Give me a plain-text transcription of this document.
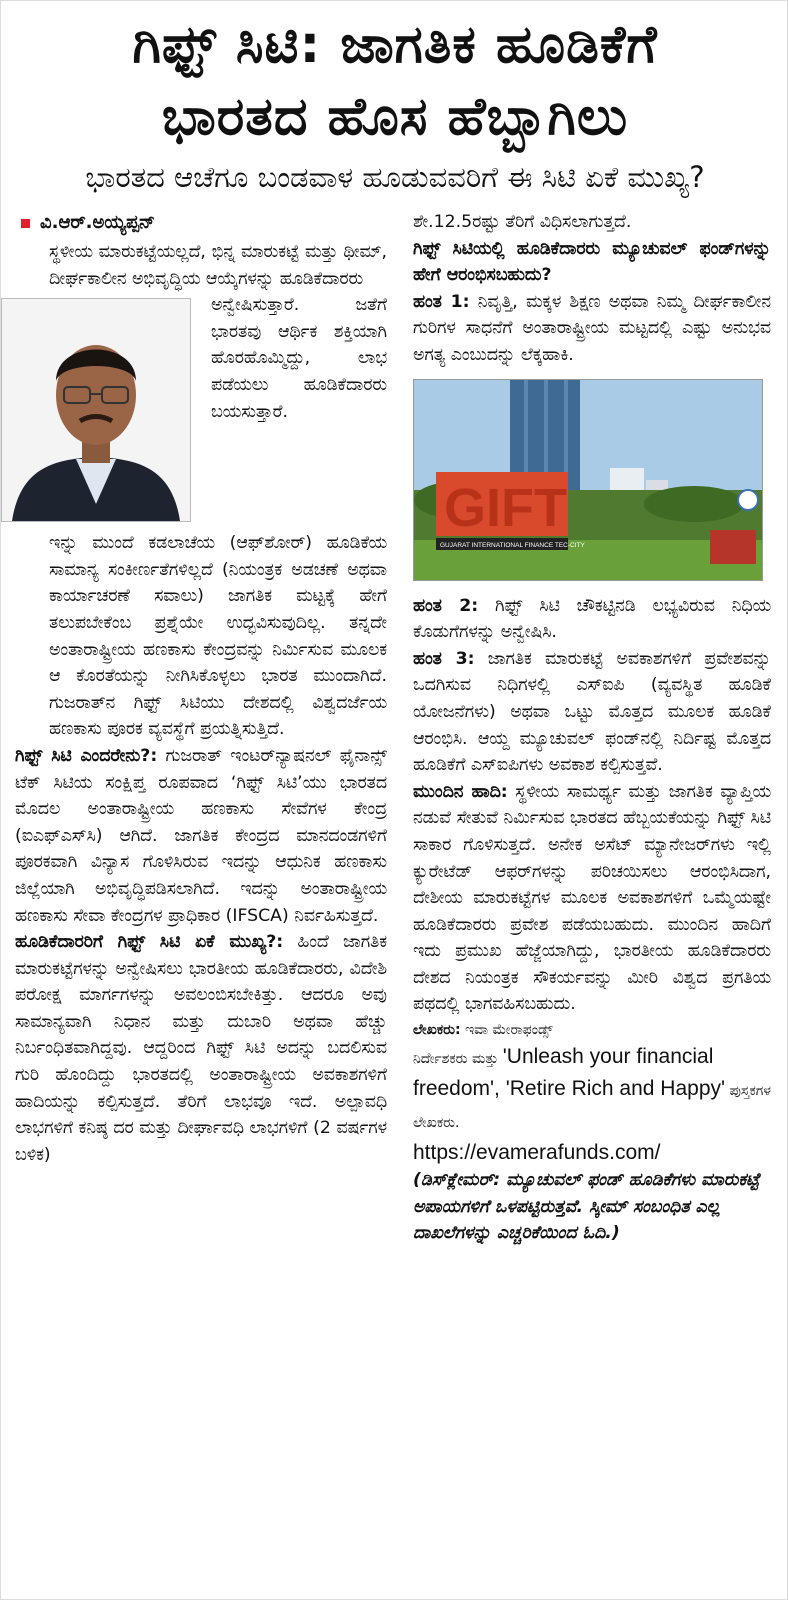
ಗಿಫ್ಟ್ ಸಿಟಿ: ಜಾಗತಿಕ ಹೂಡಿಕೆಗೆ
ಭಾರತದ ಹೊಸ ಹೆಬ್ಬಾಗಿಲು
ಭಾರತದ ಆಚೆಗೂ ಬಂಡವಾಳ ಹೂಡುವವರಿಗೆ ಈ ಸಿಟಿ ಏಕೆ ಮುಖ್ಯ?
ವಿ.ಆರ್.ಅಯ್ಯಪ್ಪನ್

ಸ್ಥಳೀಯ ಮಾರುಕಟ್ಟೆಯಲ್ಲದೆ, ಭಿನ್ನ ಮಾರುಕಟ್ಟೆ ಮತ್ತು ಥೀಮ್, ದೀರ್ಘಕಾಲೀನ ಅಭಿವೃದ್ಧಿಯ ಆಯ್ಕೆಗಳನ್ನು ಹೂಡಿಕೆದಾರರು

ಅನ್ವೇಷಿಸುತ್ತಾರೆ. ಜತೆಗೆ ಭಾರತವು ಆರ್ಥಿಕ ಶಕ್ತಿಯಾಗಿ ಹೊರಹೊಮ್ಮಿದ್ದು, ಲಾಭ ಪಡೆಯಲು ಹೂಡಿಕೆದಾರರು ಬಯಸುತ್ತಾರೆ.

ಇನ್ನು ಮುಂದೆ ಕಡಲಾಚೆಯ (ಆಫ್‌ಶೋರ್) ಹೂಡಿಕೆಯ ಸಾಮಾನ್ಯ ಸಂಕೀರ್ಣತೆಗಳಿಲ್ಲದೆ (ನಿಯಂತ್ರಕ ಅಡಚಣೆ ಅಥವಾ ಕಾರ್ಯಾಚರಣೆ ಸವಾಲು) ಜಾಗತಿಕ ಮಟ್ಟಕ್ಕೆ ಹೇಗೆ ತಲುಪಬೇಕೆಂಬ ಪ್ರಶ್ನೆಯೇ ಉದ್ಭವಿಸುವುದಿಲ್ಲ. ತನ್ನದೇ ಅಂತಾರಾಷ್ಟ್ರೀಯ ಹಣಕಾಸು ಕೇಂದ್ರವನ್ನು ನಿರ್ಮಿಸುವ ಮೂಲಕ ಆ ಕೊರತೆಯನ್ನು ನೀಗಿಸಿಕೊಳ್ಳಲು ಭಾರತ ಮುಂದಾಗಿದೆ. ಗುಜರಾತ್‌ನ ಗಿಫ್ಟ್ ಸಿಟಿಯು ದೇಶದಲ್ಲಿ ವಿಶ್ವದರ್ಜೆಯ ಹಣಕಾಸು ಪೂರಕ ವ್ಯವಸ್ಥೆಗೆ ಪ್ರಯತ್ನಿಸುತ್ತಿದೆ.

ಗಿಫ್ಟ್ ಸಿಟಿ ಎಂದರೇನು?: ಗುಜರಾತ್ ಇಂಟರ್‌ನ್ಯಾಷನಲ್ ಫೈನಾನ್ಸ್ ಟೆಕ್ ಸಿಟಿಯ ಸಂಕ್ಷಿಪ್ತ ರೂಪವಾದ ‘ಗಿಫ್ಟ್ ಸಿಟಿ’ಯು ಭಾರತದ ಮೊದಲ ಅಂತಾರಾಷ್ಟ್ರೀಯ ಹಣಕಾಸು ಸೇವೆಗಳ ಕೇಂದ್ರ (ಐಎಫ್‌ಎಸ್‌ಸಿ) ಆಗಿದೆ. ಜಾಗತಿಕ ಕೇಂದ್ರದ ಮಾನದಂಡಗಳಿಗೆ ಪೂರಕವಾಗಿ ವಿನ್ಯಾಸ ಗೊಳಿಸಿರುವ ಇದನ್ನು ಆಧುನಿಕ ಹಣಕಾಸು ಜಿಲ್ಲೆಯಾಗಿ ಅಭಿವೃದ್ಧಿಪಡಿಸಲಾಗಿದೆ. ಇದನ್ನು ಅಂತಾರಾಷ್ಟ್ರೀಯ ಹಣಕಾಸು ಸೇವಾ ಕೇಂದ್ರಗಳ ಪ್ರಾಧಿಕಾರ (IFSCA) ನಿರ್ವಹಿಸುತ್ತದೆ.

ಹೂಡಿಕೆದಾರರಿಗೆ ಗಿಫ್ಟ್ ಸಿಟಿ ಏಕೆ ಮುಖ್ಯ?: ಹಿಂದೆ ಜಾಗತಿಕ ಮಾರುಕಟ್ಟೆಗಳನ್ನು ಅನ್ವೇಷಿಸಲು ಭಾರತೀಯ ಹೂಡಿಕೆದಾರರು, ವಿದೇಶಿ ಪರೋಕ್ಷ ಮಾರ್ಗಗಳನ್ನು ಅವಲಂಬಿಸಬೇಕಿತ್ತು. ಆದರೂ ಅವು ಸಾಮಾನ್ಯವಾಗಿ ನಿಧಾನ ಮತ್ತು ದುಬಾರಿ ಅಥವಾ ಹೆಚ್ಚು ನಿರ್ಬಂಧಿತವಾಗಿದ್ದವು. ಆದ್ದರಿಂದ ಗಿಫ್ಟ್ ಸಿಟಿ ಅದನ್ನು ಬದಲಿಸುವ ಗುರಿ ಹೊಂದಿದ್ದು ಭಾರತದಲ್ಲಿ ಅಂತಾರಾಷ್ಟ್ರೀಯ ಅವಕಾಶಗಳಿಗೆ ಹಾದಿಯನ್ನು ಕಲ್ಪಿಸುತ್ತದೆ. ತೆರಿಗೆ ಲಾಭವೂ ಇದೆ. ಅಲ್ಪಾವಧಿ ಲಾಭಗಳಿಗೆ ಕನಿಷ್ಠ ದರ ಮತ್ತು ದೀರ್ಘಾವಧಿ ಲಾಭಗಳಿಗೆ (2 ವರ್ಷಗಳ ಬಳಿಕ)

ಶೇ.12.5ರಷ್ಟು ತೆರಿಗೆ ವಿಧಿಸಲಾಗುತ್ತದೆ.

ಗಿಫ್ಟ್ ಸಿಟಿಯಲ್ಲಿ ಹೂಡಿಕೆದಾರರು ಮ್ಯೂಚುವಲ್ ಫಂಡ್‌ಗಳನ್ನು ಹೇಗೆ ಆರಂಭಿಸಬಹುದು?

ಹಂತ 1: ನಿವೃತ್ತಿ, ಮಕ್ಕಳ ಶಿಕ್ಷಣ ಅಥವಾ ನಿಮ್ಮ ದೀರ್ಘಕಾಲೀನ ಗುರಿಗಳ ಸಾಧನೆಗೆ ಅಂತಾರಾಷ್ಟ್ರೀಯ ಮಟ್ಟದಲ್ಲಿ ಎಷ್ಟು ಅನುಭವ ಅಗತ್ಯ ಎಂಬುದನ್ನು ಲೆಕ್ಕಹಾಕಿ.

GIFT
GUJARAT INTERNATIONAL FINANCE TEC-CITY

ಹಂತ 2: ಗಿಫ್ಟ್ ಸಿಟಿ ಚೌಕಟ್ಟಿನಡಿ ಲಭ್ಯವಿರುವ ನಿಧಿಯ ಕೊಡುಗೆಗಳನ್ನು ಅನ್ವೇಷಿಸಿ.

ಹಂತ 3: ಜಾಗತಿಕ ಮಾರುಕಟ್ಟೆ ಅವಕಾಶಗಳಿಗೆ ಪ್ರವೇಶವನ್ನು ಒದಗಿಸುವ ನಿಧಿಗಳಲ್ಲಿ ಎಸ್‌ಐಪಿ (ವ್ಯವಸ್ಥಿತ ಹೂಡಿಕೆ ಯೋಜನೆಗಳು) ಅಥವಾ ಒಟ್ಟು ಮೊತ್ತದ ಮೂಲಕ ಹೂಡಿಕೆ ಆರಂಭಿಸಿ. ಆಯ್ದ ಮ್ಯೂಚುವಲ್ ಫಂಡ್‌ನಲ್ಲಿ ನಿರ್ದಿಷ್ಟ ಮೊತ್ತದ ಹೂಡಿಕೆಗೆ ಎಸ್‌ಐಪಿಗಳು ಅವಕಾಶ ಕಲ್ಪಿಸುತ್ತವೆ.

ಮುಂದಿನ ಹಾದಿ: ಸ್ಥಳೀಯ ಸಾಮರ್ಥ್ಯ ಮತ್ತು ಜಾಗತಿಕ ವ್ಯಾಪ್ತಿಯ ನಡುವೆ ಸೇತುವೆ ನಿರ್ಮಿಸುವ ಭಾರತದ ಹೆಬ್ಬಯಕೆಯನ್ನು ಗಿಫ್ಟ್ ಸಿಟಿ ಸಾಕಾರ ಗೊಳಿಸುತ್ತದೆ. ಅನೇಕ ಅಸೆಟ್ ಮ್ಯಾನೇಜರ್‌ಗಳು ಇಲ್ಲಿ ಕ್ಯುರೇಟೆಡ್ ಆಫರ್‌ಗಳನ್ನು ಪರಿಚಯಿಸಲು ಆರಂಭಿಸಿದಾಗ, ದೇಶೀಯ ಮಾರುಕಟ್ಟೆಗಳ ಮೂಲಕ ಅವಕಾಶಗಳಿಗೆ ಒಮ್ಮೆಯಷ್ಟೇ ಹೂಡಿಕೆದಾರರು ಪ್ರವೇಶ ಪಡೆಯಬಹುದು. ಮುಂದಿನ ಹಾದಿಗೆ ಇದು ಪ್ರಮುಖ ಹೆಜ್ಜೆಯಾಗಿದ್ದು, ಭಾರತೀಯ ಹೂಡಿಕೆದಾರರು ದೇಶದ ನಿಯಂತ್ರಕ ಸೌಕರ್ಯವನ್ನು ಮೀರಿ ವಿಶ್ವದ ಪ್ರಗತಿಯ ಪಥದಲ್ಲಿ ಭಾಗವಹಿಸಬಹುದು.

ಲೇಖಕರು: ಇವಾ ಮೇರಾಫಂಡ್ಸ್

ನಿರ್ದೇಶಕರು ಮತ್ತು 'Unleash your financial freedom', 'Retire Rich and Happy' ಪುಸ್ತಕಗಳ ಲೇಖಕರು.

https://evamerafunds.com/

(ಡಿಸ್‌ಕ್ಲೇಮರ್: ಮ್ಯೂಚುವಲ್ ಫಂಡ್ ಹೂಡಿಕೆಗಳು ಮಾರುಕಟ್ಟೆ ಅಪಾಯಗಳಿಗೆ ಒಳಪಟ್ಟಿರುತ್ತವೆ. ಸ್ಕೀಮ್ ಸಂಬಂಧಿತ ಎಲ್ಲ ದಾಖಲೆಗಳನ್ನು ಎಚ್ಚರಿಕೆಯಿಂದ ಓದಿ.)
